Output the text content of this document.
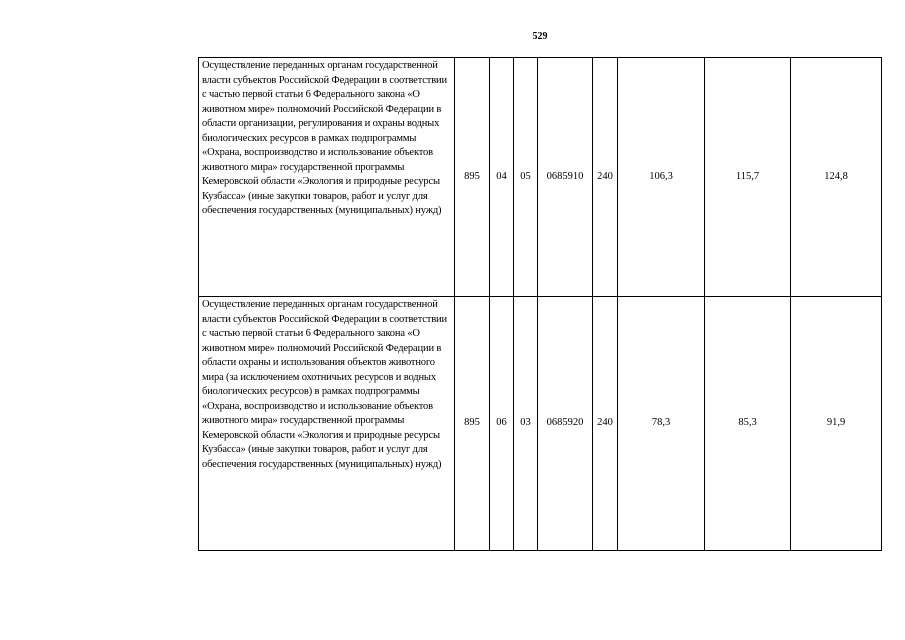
529
Осуществление переданных органам государственной власти субъектов Российской Федерации в соответствии с частью первой статьи 6 Федерального закона «О животном мире» полномочий Российской Федерации в области организации, регулирования и охраны водных биологических ресурсов в рамках подпрограммы «Охрана, воспроизводство и использование объектов животного мира» государственной программы Кемеровской области «Экология и природные ресурсы Кузбасса» (иные закупки товаров, работ и услуг для обеспечения государственных (муниципальных) нужд)	895	04	05	0685910	240	106,3	115,7	124,8
Осуществление переданных органам государственной власти субъектов Российской Федерации в соответствии с частью первой статьи 6 Федерального закона «О животном мире» полномочий Российской Федерации в области охраны и использования объектов животного мира (за исключением охотничьих ресурсов и водных биологических ресурсов) в рамках подпрограммы «Охрана, воспроизводство и использование объектов животного мира» государственной программы Кемеровской области «Экология и природные ресурсы Кузбасса» (иные закупки товаров, работ и услуг для обеспечения государственных (муниципальных) нужд)	895	06	03	0685920	240	78,3	85,3	91,9
